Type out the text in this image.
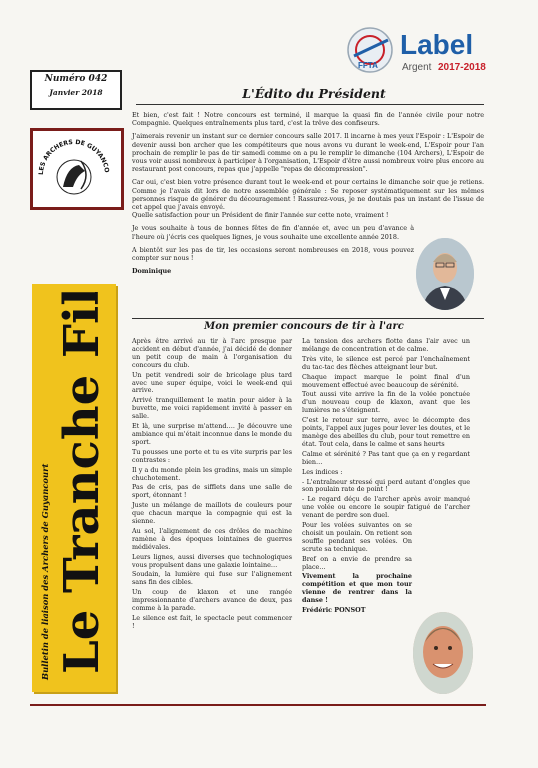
FFTA
Label
Argent 2017-2018
Numéro 042
Janvier 2018
LES ARCHERS DE GUYANCO
Bulletin de liaison des Archers de Guyancourt Le Tranche Fil
L'Édito du Président

Et bien, c'est fait ! Notre concours est terminé, il marque la quasi fin de l'année civile pour notre Compagnie. Quelques entraînements plus tard, c'est la trêve des confiseurs.

J'aimerais revenir un instant sur ce dernier concours salle 2017. Il incarne à mes yeux l'Espoir : L'Espoir de devenir aussi bon archer que les compétiteurs que nous avons vu durant le week-end, L'Espoir pour l'an prochain de remplir le pas de tir samedi comme on a pu le remplir le dimanche (104 Archers), L'Espoir de vous voir aussi nombreux à participer à l'organisation, L'Espoir d'être aussi nombreux voire plus encore au restaurant post concours, repas que j'appelle "repas de décompression".

Car oui, c'est bien votre présence durant tout le week-end et pour certains le dimanche soir que je retiens. Comme je l'avais dit lors de notre assemblée générale : Se reposer systématiquement sur les mêmes personnes risque de générer du découragement ! Rassurez-vous, je ne doutais pas un instant de l'issue de cet appel que j'avais envoyé.

Quelle satisfaction pour un Président de finir l'année sur cette note, vraiment !

Je vous souhaite à tous de bonnes fêtes de fin d'année et, avec un peu d'avance à l'heure où j'écris ces quelques lignes, je vous souhaite une excellente année 2018.

A bientôt sur les pas de tir, les occasions seront nombreuses en 2018, vous pouvez compter sur nous !

Dominique
Mon premier concours de tir à l'arc

Après être arrivé au tir à l'arc presque par accident en début d'année, j'ai décidé de donner un petit coup de main à l'organisation du concours du club.

Un petit vendredi soir de bricolage plus tard avec une super équipe, voici le week-end qui arrive.

Arrivé tranquillement le matin pour aider à la buvette, me voici rapidement invité à passer en salle.

Et là, une surprise m'attend…. Je découvre une ambiance qui m'était inconnue dans le monde du sport.

Tu pousses une porte et tu es vite surpris par les contrastes :

Il y a du monde plein les gradins, mais un simple chuchotement.

Pas de cris, pas de sifflets dans une salle de sport, étonnant !

Juste un mélange de maillots de couleurs pour que chacun marque la compagnie qui est la sienne.

Au sol, l'alignement de ces drôles de machine ramène à des époques lointaines de guerres médiévales.

Leurs lignes, aussi diverses que technologiques vous propulsent dans une galaxie lointaine…

Soudain, la lumière qui fuse sur l'alignement sans fin des cibles.

Un coup de klaxon et une rangée impressionnante d'archers avance de deux, pas comme à la parade.

Le silence est fait, le spectacle peut commencer !

La tension des archers flotte dans l'air avec un mélange de concentration et de calme.

Très vite, le silence est percé par l'enchaînement du tac-tac des flèches atteignant leur but.

Chaque impact marque le point final d'un mouvement effectué avec beaucoup de sérénité.

Tout aussi vite arrive la fin de la volée ponctuée d'un nouveau coup de klaxon, avant que les lumières ne s'éteignent.

C'est le retour sur terre, avec le décompte des points, l'appel aux juges pour lever les doutes, et le manège des abeilles du club, pour tout remettre en état. Tout cela, dans le calme et sans heurts

Calme et sérénité ? Pas tant que ça en y regardant bien…

Les indices :

- L'entraîneur stressé qui perd autant d'ongles que son poulain rate de point !

- Le regard déçu de l'archer après avoir manqué une volée ou encore le soupir fatigué de l'archer venant de perdre son duel.

Pour les volées suivantes on se choisit un poulain. On retient son souffle pendant ses volées. On scrute sa technique.

Bref on a envie de prendre sa place…

Vivement la prochaine compétition et que mon tour vienne de rentrer dans la danse !

Frédéric PONSOT
